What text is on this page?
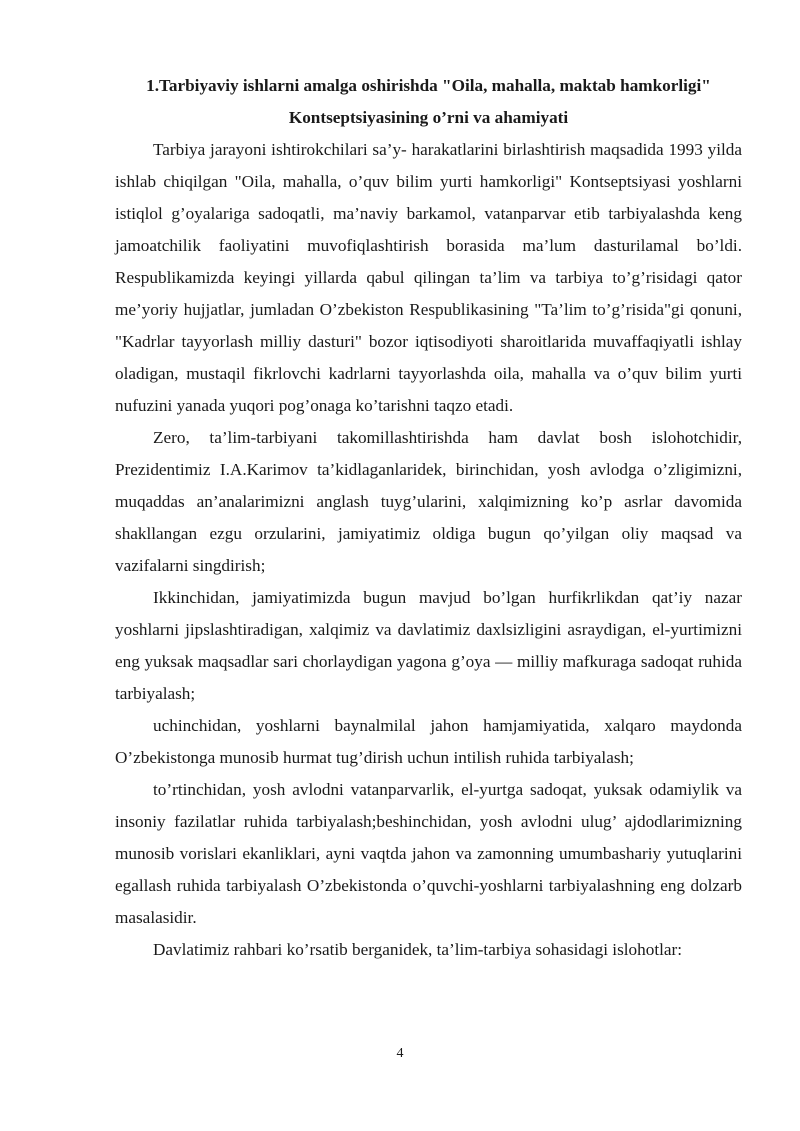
1.Tarbiyaviy ishlarni amalga oshirishda "Oila, mahalla, maktab hamkorligi"

Kontseptsiyasining o’rni va ahamiyati

Tarbiya jarayoni ishtirokchilari sa’y- harakatlarini birlashtirish maqsadida 1993 yilda ishlab chiqilgan "Oila, mahalla, o’quv bilim yurti hamkorligi" Kontseptsiyasi yoshlarni istiqlol g’oyalariga sadoqatli, ma’naviy barkamol, vatanparvar etib tarbiyalashda keng jamoatchilik faoliyatini muvofiqlashtirish borasida ma’lum dasturilamal bo’ldi. Respublikamizda keyingi yillarda qabul qilingan ta’lim va tarbiya to’g’risidagi qator me’yoriy hujjatlar, jumladan O’zbekiston Respublikasining "Ta’lim to’g’risida"gi qonuni, "Kadrlar tayyorlash milliy dasturi" bozor iqtisodiyoti sharoitlarida muvaffaqiyatli ishlay oladigan, mustaqil fikrlovchi kadrlarni tayyorlashda oila, mahalla va o’quv bilim yurti nufuzini yanada yuqori pog’onaga ko’tarishni taqzo etadi.

Zero, ta’lim-tarbiyani takomillashtirishda ham davlat bosh islohotchidir, Prezidentimiz I.A.Karimov ta’kidlaganlaridek, birinchidan, yosh avlodga o’zligimizni, muqaddas an’analarimizni anglash tuyg’ularini, xalqimizning ko’p asrlar davomida shakllangan ezgu orzularini, jamiyatimiz oldiga bugun qo’yilgan oliy maqsad va vazifalarni singdirish;

Ikkinchidan, jamiyatimizda bugun mavjud bo’lgan hurfikrlikdan qat’iy nazar yoshlarni jipslashtiradigan, xalqimiz va davlatimiz daxlsizligini asraydigan, el-yurtimizni eng yuksak maqsadlar sari chorlaydigan yagona g’oya — milliy mafkuraga sadoqat ruhida tarbiyalash;

uchinchidan, yoshlarni baynalmilal jahon hamjamiyatida, xalqaro maydonda O’zbekistonga munosib hurmat tug’dirish uchun intilish ruhida tarbiyalash;

to’rtinchidan, yosh avlodni vatanparvarlik, el-yurtga sadoqat, yuksak odamiylik va insoniy fazilatlar ruhida tarbiyalash;beshinchidan, yosh avlodni ulug’ ajdodlarimizning munosib vorislari ekanliklari, ayni vaqtda jahon va zamonning umumbashariy yutuqlarini egallash ruhida tarbiyalash O’zbekistonda o’quvchi-yoshlarni tarbiyalashning eng dolzarb masalasidir.

Davlatimiz rahbari ko’rsatib berganidek, ta’lim-tarbiya sohasidagi islohotlar:

4
